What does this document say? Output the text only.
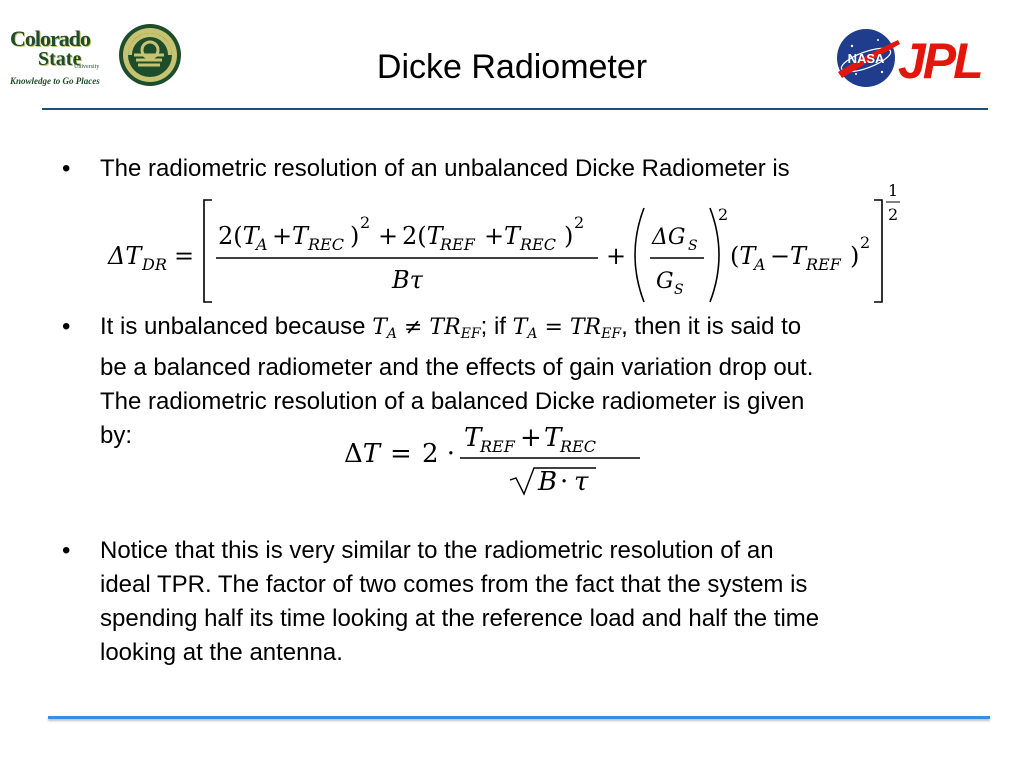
Colorado
State
University
Knowledge to Go Places	Dicke Radiometer	NASA JPL
• The radiometric resolution of an unbalanced Dicke Radiometer is
ΔT DR =
2(T
A + T REC ) 2 + 2(T
REF + T REC ) 2
Bτ
+
ΔG S
G S
2
(T
A − T REF ) 2
1
2
• It is unbalanced because $T_A \ne TR_{EF}$; if $T_A = TR_{EF}$, then it is said to
be a balanced radiometer and the effects of gain variation drop out.
The radiometric resolution of a balanced Dicke radiometer is given
by:
ΔT = 2 ·
T
REF + T
REC
B · τ
• Notice that this is very similar to the radiometric resolution of an
ideal TPR. The factor of two comes from the fact that the system is
spending half its time looking at the reference load and half the time
looking at the antenna.
